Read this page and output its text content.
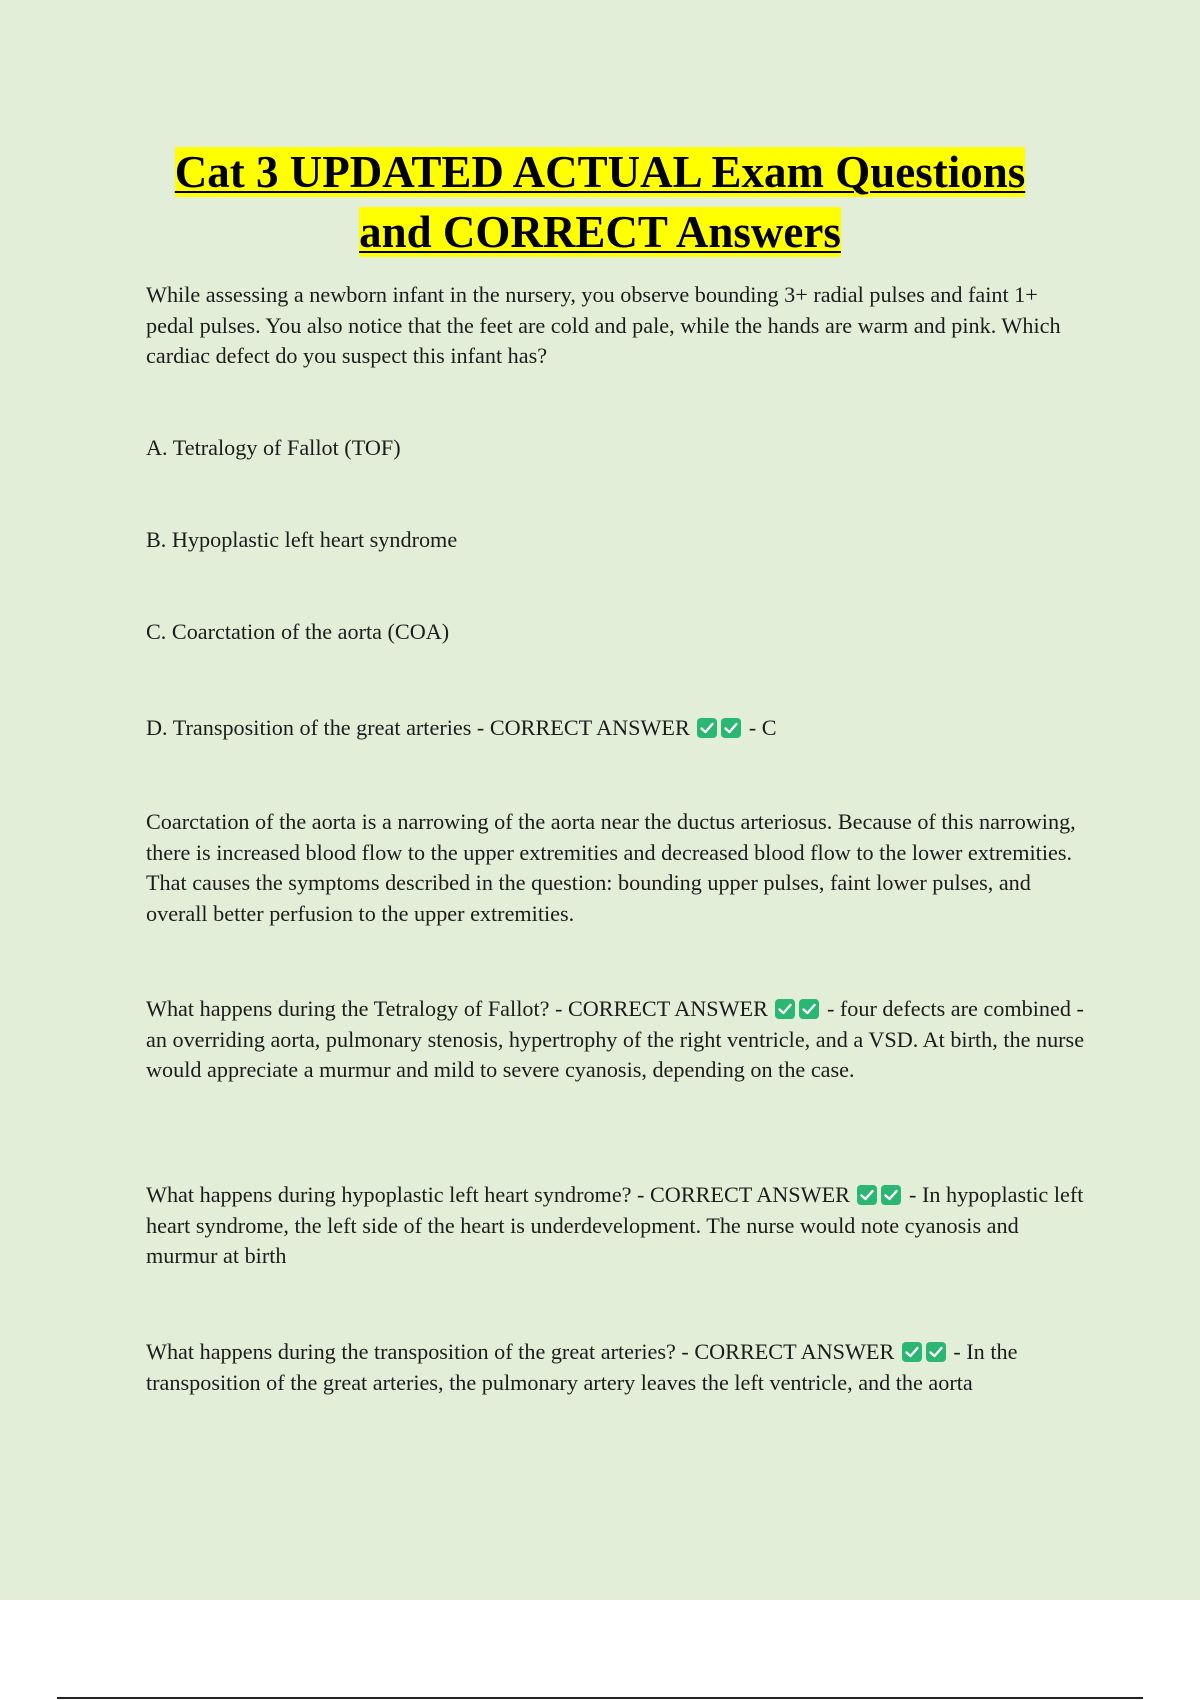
Cat 3 UPDATED ACTUAL Exam Questions
and CORRECT Answers

While assessing a newborn infant in the nursery, you observe bounding 3+ radial pulses and faint 1+ pedal pulses. You also notice that the feet are cold and pale, while the hands are warm and pink. Which cardiac defect do you suspect this infant has?

A. Tetralogy of Fallot (TOF)

B. Hypoplastic left heart syndrome

C. Coarctation of the aorta (COA)

D. Transposition of the great arteries - CORRECT ANSWER	- C

Coarctation of the aorta is a narrowing of the aorta near the ductus arteriosus. Because of this narrowing, there is increased blood flow to the upper extremities and decreased blood flow to the lower extremities. That causes the symptoms described in the question: bounding upper pulses, faint lower pulses, and overall better perfusion to the upper extremities.

What happens during the Tetralogy of Fallot? - CORRECT ANSWER	- four defects are combined - an overriding aorta, pulmonary stenosis, hypertrophy of the right ventricle, and a VSD. At birth, the nurse would appreciate a murmur and mild to severe cyanosis, depending on the case.

What happens during hypoplastic left heart syndrome? - CORRECT ANSWER	- In hypoplastic left heart syndrome, the left side of the heart is underdevelopment. The nurse would note cyanosis and murmur at birth

What happens during the transposition of the great arteries? - CORRECT ANSWER	- In the transposition of the great arteries, the pulmonary artery leaves the left ventricle, and the aorta
